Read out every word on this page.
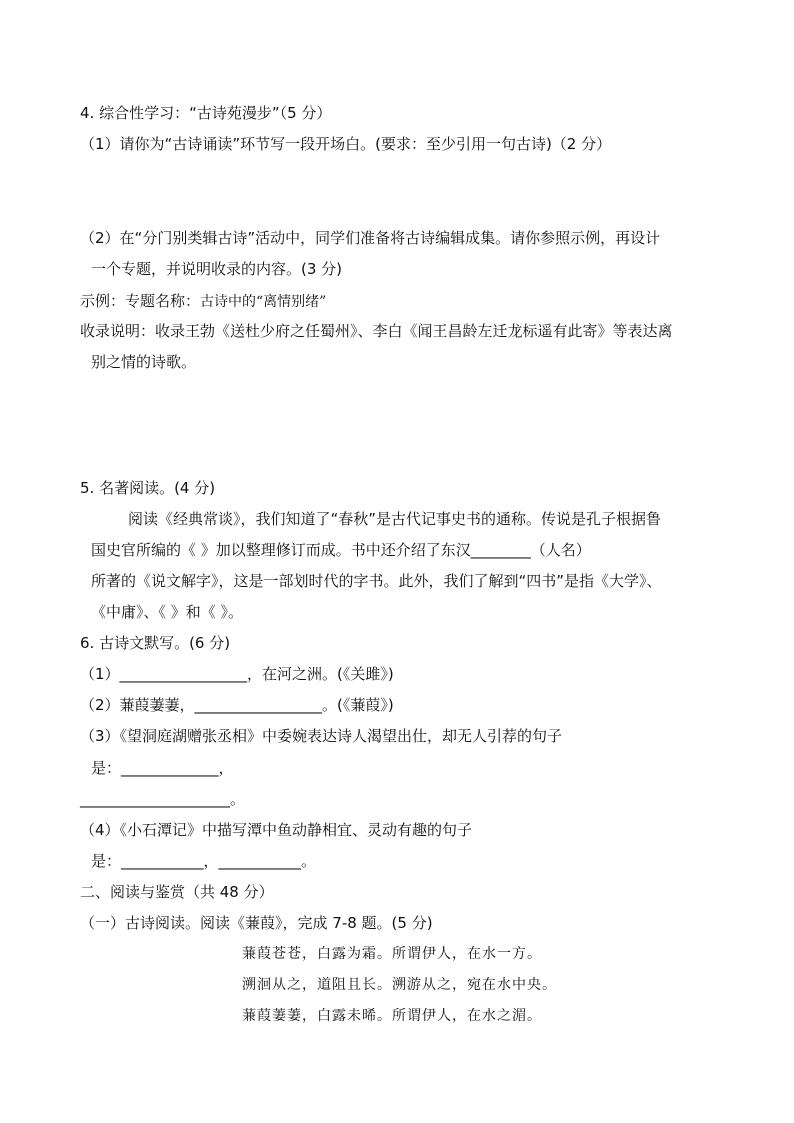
4. 综合性学习：“古诗苑漫步”（5 分）
（1）请你为“古诗诵读”环节写一段开场白。(要求：至少引用一句古诗)（2 分）
（2）在“分门别类辑古诗”活动中，同学们准备将古诗编辑成集。请你参照示例，再设计
一个专题，并说明收录的内容。(3 分)
示例：专题名称：古诗中的“离情别绪”
收录说明：收录王勃《送杜少府之任蜀州》、李白《闻王昌龄左迁龙标遥有此寄》等表达离
别之情的诗歌。
5. 名著阅读。(4 分)
阅读《经典常谈》，我们知道了“春秋”是古代记事史书的通称。传说是孔子根据鲁
国史官所编的《 》加以整理修订而成。书中还介绍了东汉________（人名）
所著的《说文解字》，这是一部划时代的字书。此外，我们了解到“四书”是指《大学》、
《中庸》、《 》和《 》。
6. 古诗文默写。(6 分)
（1）_________________，在河之洲。(《关雎》)
（2）蒹葭萋萋，_________________。(《蒹葭》)
（3）《望洞庭湖赠张丞相》中委婉表达诗人渴望出仕，却无人引荐的句子
是：_____________，
____________________。
（4）《小石潭记》中描写潭中鱼动静相宜、灵动有趣的句子
是：___________，___________。
二、阅读与鉴赏（共 48 分）
（一）古诗阅读。阅读《蒹葭》，完成 7-8 题。(5 分)
蒹葭苍苍，白露为霜。所谓伊人，在水一方。
溯洄从之，道阻且长。溯游从之，宛在水中央。
蒹葭萋萋，白露未晞。所谓伊人，在水之湄。
